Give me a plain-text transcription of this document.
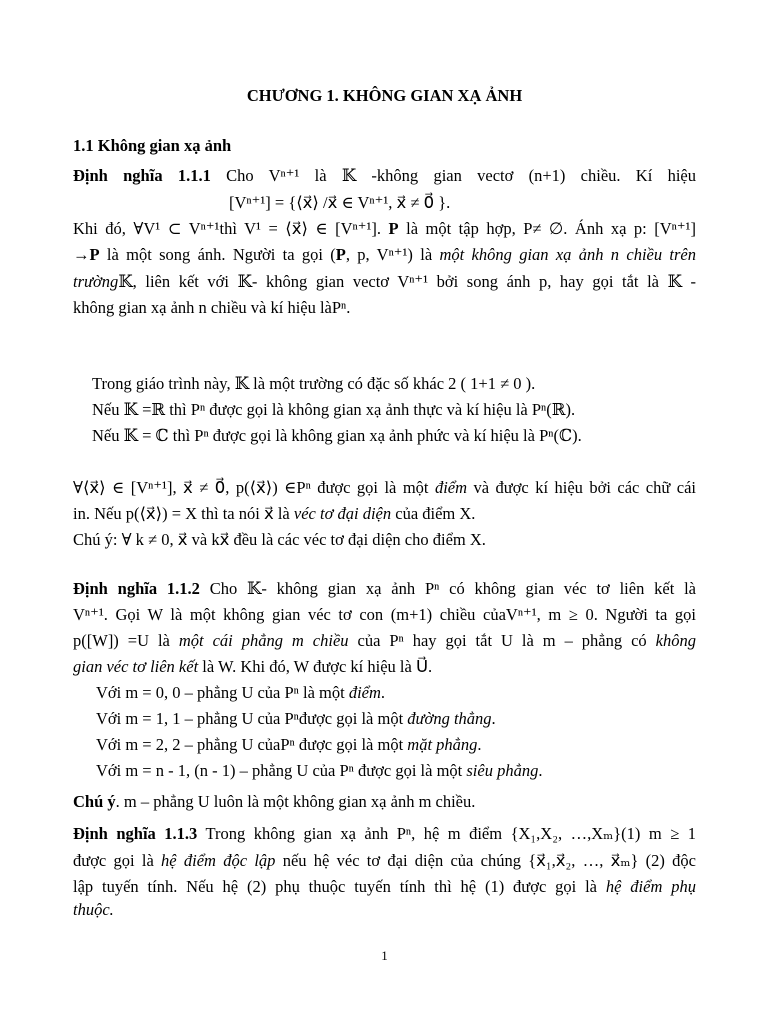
CHƯƠNG 1. KHÔNG GIAN XẠ ẢNH
1.1 Không gian xạ ảnh
Định nghĩa 1.1.1 Cho Vⁿ⁺¹ là 𝕂 -không gian vectơ (n+1) chiều. Kí hiệu
[Vⁿ⁺¹] = {⟨x⃗⟩ /x⃗ ∈ Vⁿ⁺¹, x⃗ ≠ 0⃗ }.
Khi đó, ∀V¹ ⊂ Vⁿ⁺¹thì V¹ = ⟨x⃗⟩ ∈ [Vⁿ⁺¹]. P là một tập hợp, P≠ ∅. Ánh xạ p: [Vⁿ⁺¹]
→P là một song ánh. Người ta gọi (P, p, Vⁿ⁺¹) là một không gian xạ ảnh n chiều trên
trường𝕂, liên kết với 𝕂- không gian vectơ Vⁿ⁺¹ bởi song ánh p, hay gọi tắt là 𝕂 -
không gian xạ ảnh n chiều và kí hiệu làPⁿ.
Trong giáo trình này, 𝕂 là một trường có đặc số khác 2 ( 1+1 ≠ 0 ).
Nếu 𝕂 =ℝ thì Pⁿ được gọi là không gian xạ ảnh thực và kí hiệu là Pⁿ(ℝ).
Nếu 𝕂 = ℂ thì Pⁿ được gọi là không gian xạ ảnh phức và kí hiệu là Pⁿ(ℂ).
∀⟨x⃗⟩ ∈ [Vⁿ⁺¹], x⃗ ≠ 0⃗, p(⟨x⃗⟩) ∈Pⁿ được gọi là một điểm và được kí hiệu bởi các chữ cái
in. Nếu p(⟨x⃗⟩) = X thì ta nói x⃗ là véc tơ đại diện của điểm X.
Chú ý: ∀ k ≠ 0, x⃗ và kx⃗ đều là các véc tơ đại diện cho điểm X.
Định nghĩa 1.1.2 Cho 𝕂- không gian xạ ảnh Pⁿ có không gian véc tơ liên kết là
Vⁿ⁺¹. Gọi W là một không gian véc tơ con (m+1) chiều củaVⁿ⁺¹, m ≥ 0. Người ta gọi
p([W]) =U là một cái phẳng m chiều của Pⁿ hay gọi tắt U là m – phẳng có không
gian véc tơ liên kết là W. Khi đó, W được kí hiệu là U⃗.
Với m = 0, 0 – phẳng U của Pⁿ là một điểm.
Với m = 1, 1 – phẳng U của Pⁿđược gọi là một đường thẳng.
Với m = 2, 2 – phẳng U củaPⁿ được gọi là một mặt phẳng.
Với m = n - 1, (n - 1) – phẳng U của Pⁿ được gọi là một siêu phẳng.
Chú ý. m – phẳng U luôn là một không gian xạ ảnh m chiều.
Định nghĩa 1.1.3 Trong không gian xạ ảnh Pⁿ, hệ m điểm {X₁,X₂, …,Xₘ}(1) m ≥ 1
được gọi là hệ điểm độc lập nếu hệ véc tơ đại diện của chúng {x⃗₁,x⃗₂, …, x⃗ₘ} (2) độc
lập tuyến tính. Nếu hệ (2) phụ thuộc tuyến tính thì hệ (1) được gọi là hệ điểm phụ
thuộc.
1
